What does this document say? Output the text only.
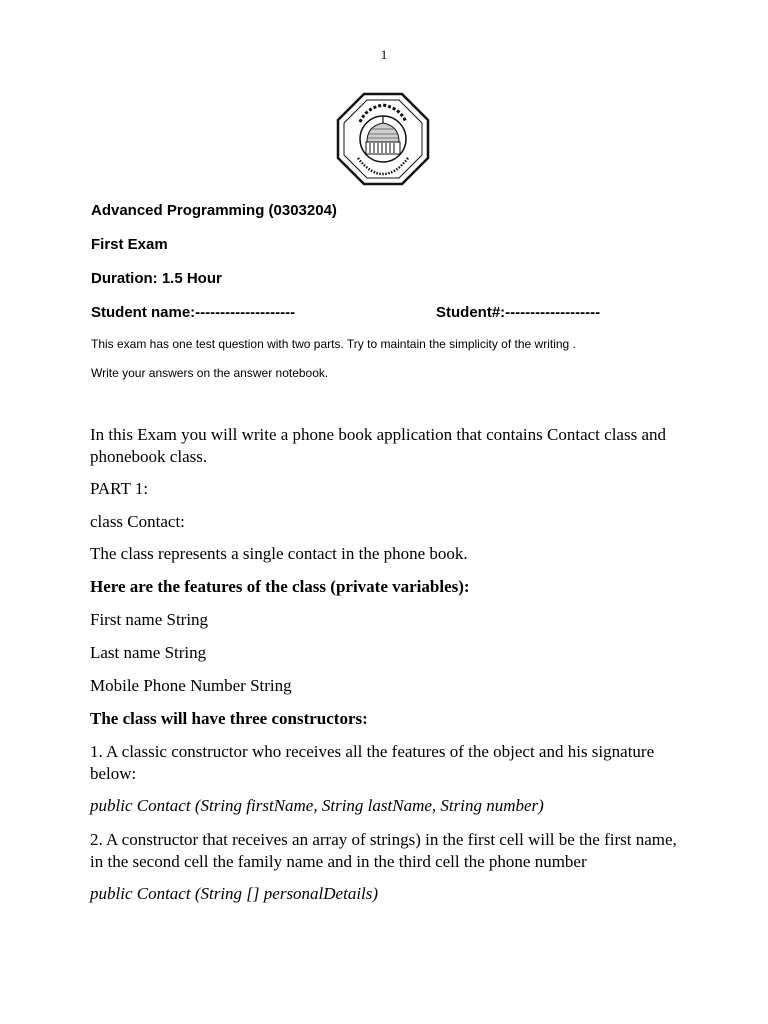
1
Advanced Programming (0303204)
First Exam
Duration: 1.5 Hour
Student name:--------------------	Student#:-------------------
This exam has one test question with two parts. Try to maintain the simplicity of the writing .
Write your answers on the answer notebook.
In this Exam you will write a phone book application that contains Contact class and phonebook class.
PART 1:
class Contact:
The class represents a single contact in the phone book.
Here are the features of the class (private variables):
First name String
Last name String
Mobile Phone Number String
The class will have three constructors:
1. A classic constructor who receives all the features of the object and his signature below:
public Contact (String firstName, String lastName, String number)
2. A constructor that receives an array of strings) in the first cell will be the first name, in the second cell the family name and in the third cell the phone number
public Contact (String [] personalDetails)
